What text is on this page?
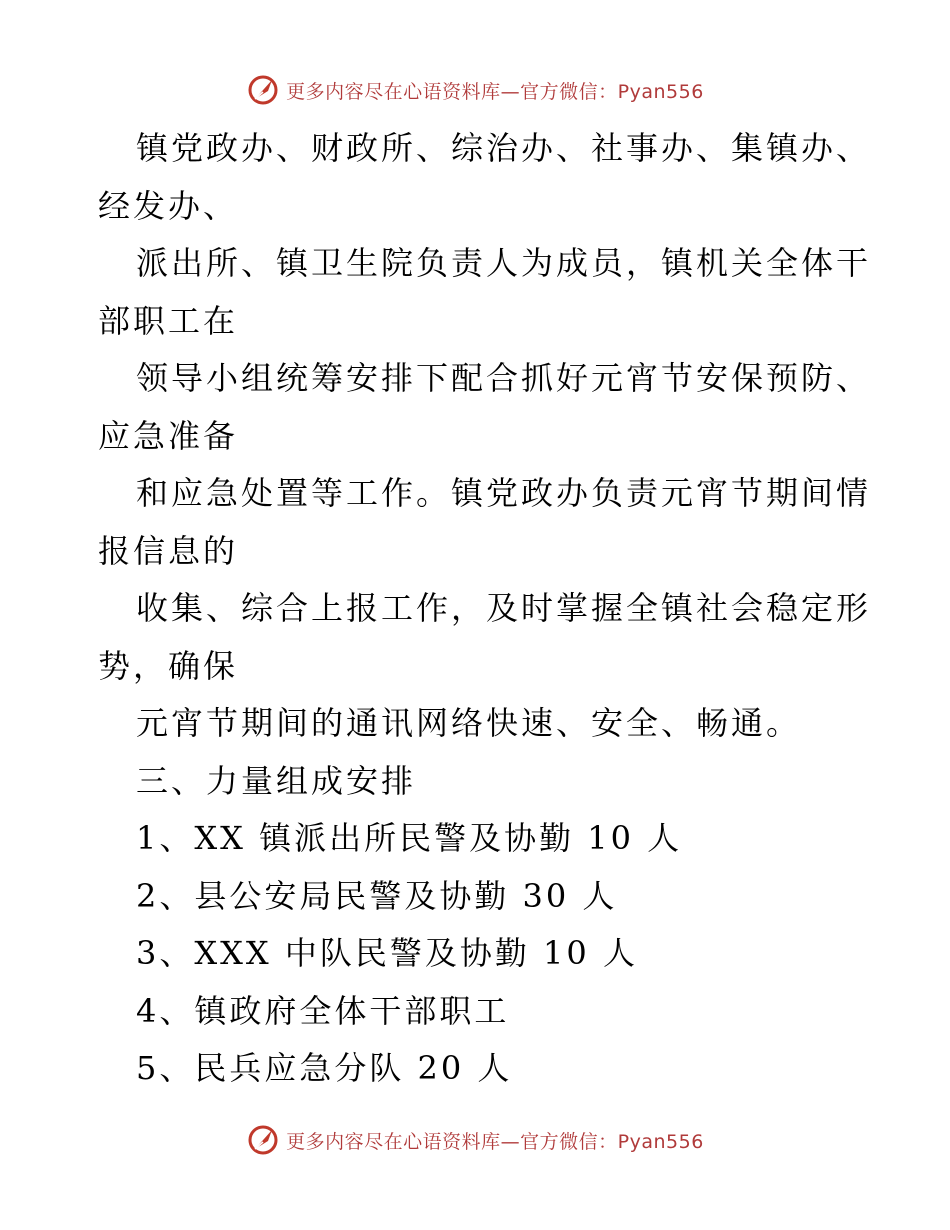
更多内容尽在心语资料库—官方微信：Pyan556
镇党政办、财政所、综治办、社事办、集镇办、
经发办、
派出所、镇卫生院负责人为成员，镇机关全体干
部职工在
领导小组统筹安排下配合抓好元宵节安保预防、
应急准备
和应急处置等工作。镇党政办负责元宵节期间情
报信息的
收集、综合上报工作，及时掌握全镇社会稳定形
势，确保
元宵节期间的通讯网络快速、安全、畅通。
三、力量组成安排
1、XX 镇派出所民警及协勤 10 人
2、县公安局民警及协勤 30 人
3、XXX 中队民警及协勤 10 人
4、镇政府全体干部职工
5、民兵应急分队 20 人
更多内容尽在心语资料库—官方微信：Pyan556
